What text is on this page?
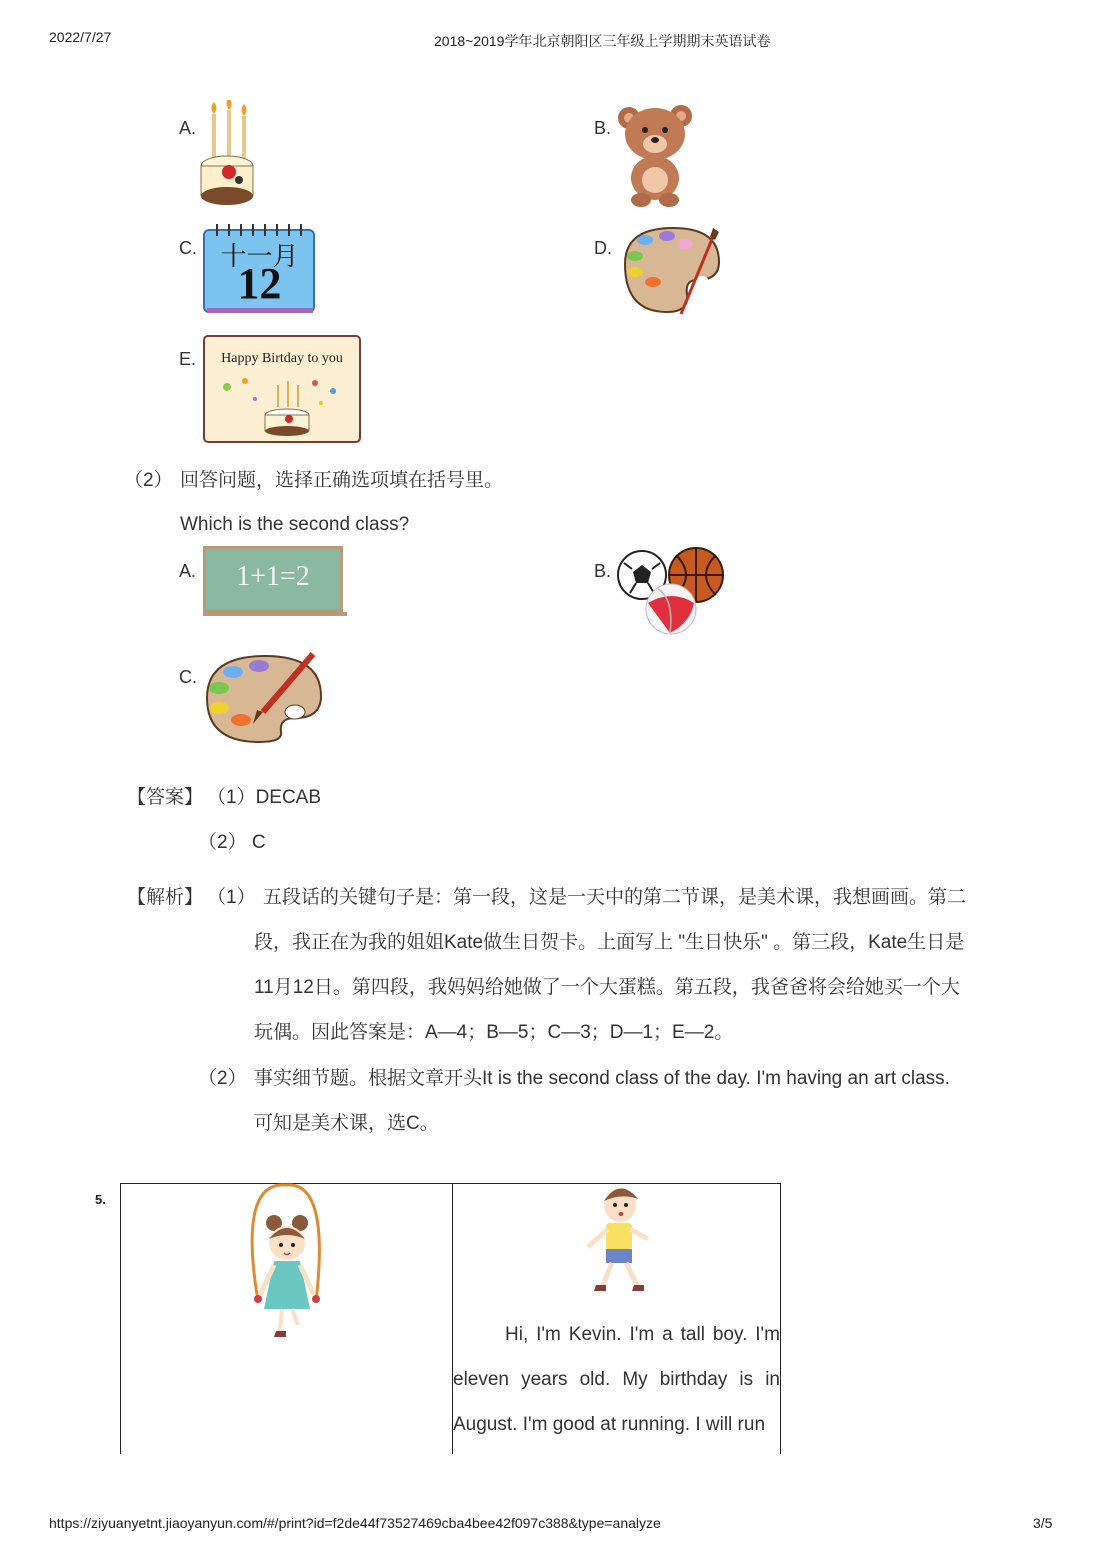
2022/7/27	2018~2019学年北京朝阳区三年级上学期期末英语试卷
A.	B.
C. 十一月
12
D.
E.	Happy Birtday to you
（2） 回答问题，选择正确选项填在括号里。
Which is the second class?
A.	1+1=2	B.
C.
【答案】 （1）DECAB
（2） C
【解析】 （1） 五段话的关键句子是：第一段，这是一天中的第二节课，是美术课，我想画画。第二
段，我正在为我的姐姐Kate做生日贺卡。上面写上 "生日快乐" 。第三段，Kate生日是
11月12日。第四段，我妈妈给她做了一个大蛋糕。第五段，我爸爸将会给她买一个大
玩偶。因此答案是：A—4；B—5；C—3；D—1；E—2。
（2） 事实细节题。根据文章开头It is the second class of the day. I'm having an art class.
可知是美术课，选C。
5.
Hi, I'm Kevin. I'm a tall boy. I'm eleven years old. My birthday is in August. I'm good at running. I will run
https://ziyuanyetnt.jiaoyanyun.com/#/print?id=f2de44f73527469cba4bee42f097c388&type=analyze	3/5
